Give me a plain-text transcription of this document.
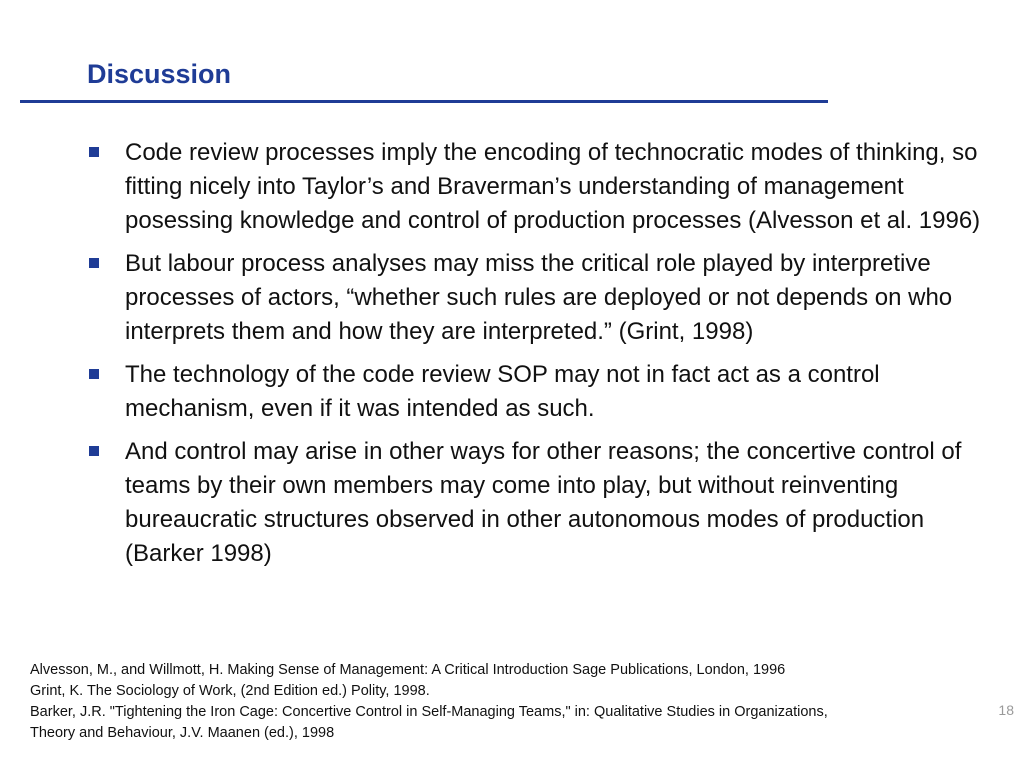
Discussion
Code review processes imply the encoding of technocratic modes of thinking, so fitting nicely into Taylor’s and Braverman’s understanding of management posessing knowledge and control of production processes (Alvesson et al. 1996)
But labour process analyses may miss the critical role played by interpretive processes of actors, “whether such rules are deployed or not depends on who interprets them and how they are interpreted.” (Grint, 1998)
The technology of the code review SOP may not in fact act as a control mechanism, even if it was intended as such.
And control may arise in other ways for other reasons; the concertive control of teams by their own members may come into play, but without reinventing bureaucratic structures observed in other autonomous modes of production (Barker 1998)
Alvesson, M., and Willmott, H. Making Sense of Management: A Critical Introduction Sage Publications, London, 1996
Grint, K. The Sociology of Work, (2nd Edition ed.) Polity, 1998.
Barker, J.R. "Tightening the Iron Cage: Concertive Control in Self-Managing Teams," in: Qualitative Studies in Organizations,
Theory and Behaviour, J.V. Maanen (ed.), 1998
18
